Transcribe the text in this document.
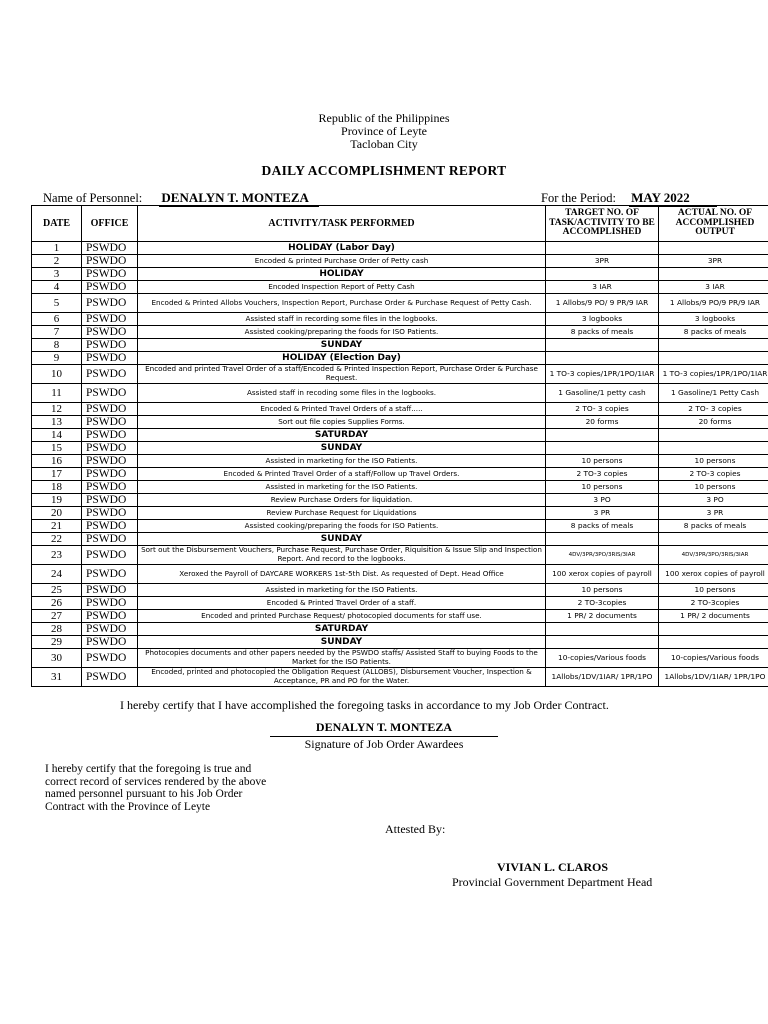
Republic of the Philippines
Province of Leyte
Tacloban City
DAILY ACCOMPLISHMENT REPORT
Name of Personnel: DENALYN T. MONTEZA	For the Period: MAY 2022
DATE	OFFICE	ACTIVITY/TASK PERFORMED	TARGET NO. OF TASK/ACTIVITY TO BE ACCOMPLISHED	ACTUAL NO. OF ACCOMPLISHED OUTPUT
1	PSWDO	HOLIDAY (Labor Day)		
2	PSWDO	Encoded & printed Purchase Order of Petty cash	3PR	3PR
3	PSWDO	HOLIDAY		
4	PSWDO	Encoded Inspection Report of Petty Cash	3 IAR	3 IAR
5	PSWDO	Encoded & Printed Allobs Vouchers, Inspection Report, Purchase Order & Purchase Request of Petty Cash.	1 Allobs/9 PO/ 9 PR/9 IAR	1 Allobs/9 PO/9 PR/9 IAR
6	PSWDO	Assisted staff in recording some files in the logbooks.	3 logbooks	3 logbooks
7	PSWDO	Assisted cooking/preparing the foods for ISO Patients.	8 packs of meals	8 packs of meals
8	PSWDO	SUNDAY		
9	PSWDO	HOLIDAY (Election Day)		
10	PSWDO	Encoded and printed Travel Order of a staff/Encoded & Printed Inspection Report, Purchase Order & Purchase Request.	1 TO-3 copies/1PR/1PO/1IAR	1 TO-3 copies/1PR/1PO/1IAR
11	PSWDO	Assisted staff in recoding some files in the logbooks.	1 Gasoline/1 petty cash	1 Gasoline/1 Petty Cash
12	PSWDO	Encoded & Printed Travel Orders of a staff.....	2 TO- 3 copies	2 TO- 3 copies
13	PSWDO	Sort out file copies Supplies Forms.	20 forms	20 forms
14	PSWDO	SATURDAY		
15	PSWDO	SUNDAY		
16	PSWDO	Assisted in marketing for the ISO Patients.	10 persons	10 persons
17	PSWDO	Encoded & Printed Travel Order of a staff/Follow up Travel Orders.	2 TO-3 copies	2 TO-3 copies
18	PSWDO	Assisted in marketing for the ISO Patients.	10 persons	10 persons
19	PSWDO	Review Purchase Orders for liquidation.	3 PO	3 PO
20	PSWDO	Review Purchase Request for Liquidations	3 PR	3 PR
21	PSWDO	Assisted cooking/preparing the foods for ISO Patients.	8 packs of meals	8 packs of meals
22	PSWDO	SUNDAY		
23	PSWDO	Sort out the Disbursement Vouchers, Purchase Request, Purchase Order, Riquisition & Issue Slip and Inspection Report. And record to the logbooks.	4DV/3PR/3PO/3RIS/3IAR	4DV/3PR/3PO/3RIS/3IAR
24	PSWDO	Xeroxed the Payroll of DAYCARE WORKERS 1st-5th Dist. As requested of Dept. Head Office	100 xerox copies of payroll	100 xerox copies of payroll
25	PSWDO	Assisted in marketing for the ISO Patients.	10 persons	10 persons
26	PSWDO	Encoded & Printed Travel Order of a staff.	2 TO-3copies	2 TO-3copies
27	PSWDO	Encoded and printed Purchase Request/ photocopied documents for staff use.	1 PR/ 2 documents	1 PR/ 2 documents
28	PSWDO	SATURDAY		
29	PSWDO	SUNDAY		
30	PSWDO	Photocopies documents and other papers needed by the PSWDO staffs/ Assisted Staff to buying Foods to the Market for the ISO Patients.	10-copies/Various foods	10-copies/Various foods
31	PSWDO	Encoded, printed and photocopied the Obligation Request (ALLOBS), Disbursement Voucher, Inspection & Acceptance, PR and PO for the Water.	1Allobs/1DV/1IAR/ 1PR/1PO	1Allobs/1DV/1IAR/ 1PR/1PO
I hereby certify that I have accomplished the foregoing tasks in accordance to my Job Order Contract.
DENALYN T. MONTEZA
Signature of Job Order Awardees
I hereby certify that the foregoing is true and
correct record of services rendered by the above
named personnel pursuant to his Job Order
Contract with the Province of Leyte
Attested By:
VIVIAN L. CLAROS
Provincial Government Department Head
